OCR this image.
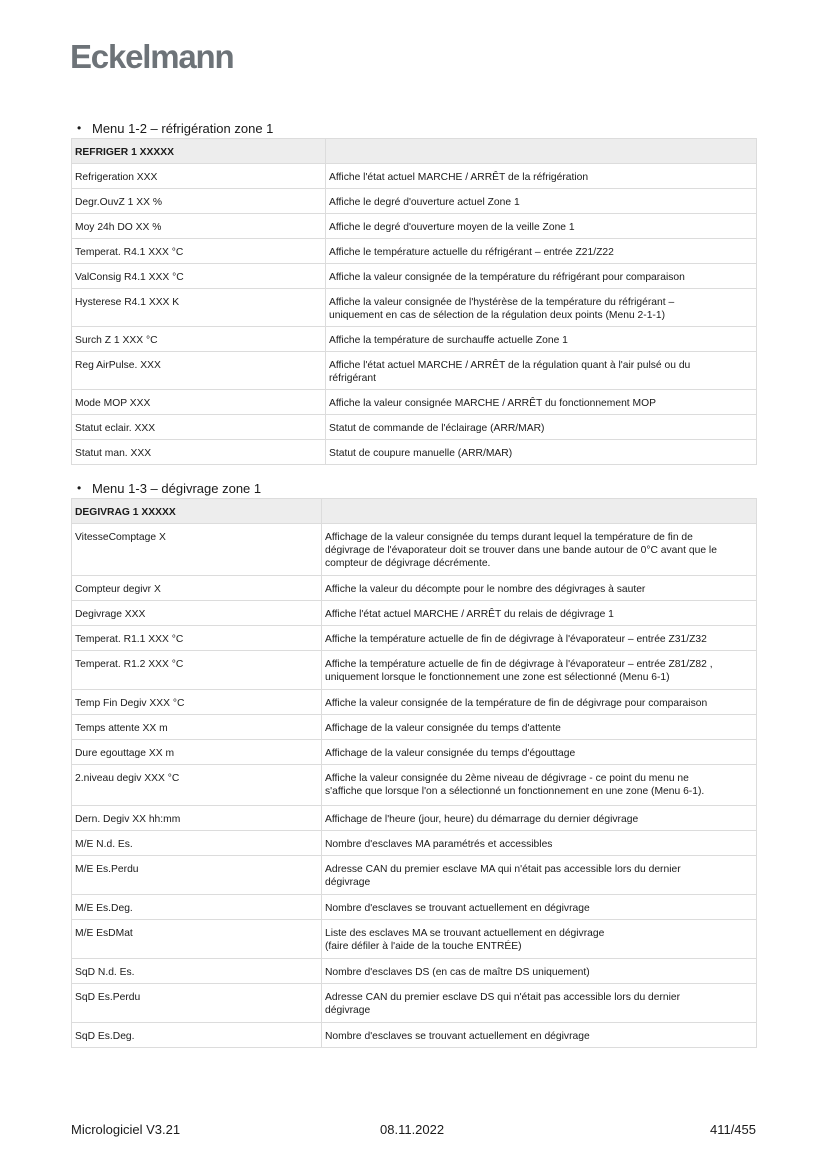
Eckelmann
• Menu 1-2 – réfrigération zone 1
REFRIGER 1 XXXXX	
Refrigeration XXX	Affiche l'état actuel MARCHE / ARRÊT de la réfrigération
Degr.OuvZ 1 XX %	Affiche le degré d'ouverture actuel Zone 1
Moy 24h DO XX %	Affiche le degré d'ouverture moyen de la veille Zone 1
Temperat. R4.1 XXX °C	Affiche le température actuelle du réfrigérant – entrée Z21/Z22
ValConsig R4.1 XXX °C	Affiche la valeur consignée de la température du réfrigérant pour comparaison
Hysterese R4.1 XXX K	Affiche la valeur consignée de l'hystérèse de la température du réfrigérant –
uniquement en cas de sélection de la régulation deux points (Menu 2-1-1)
Surch Z 1 XXX °C	Affiche la température de surchauffe actuelle Zone 1
Reg AirPulse. XXX	Affiche l'état actuel MARCHE / ARRÊT de la régulation quant à l'air pulsé ou du
réfrigérant
Mode MOP XXX	Affiche la valeur consignée MARCHE / ARRÊT du fonctionnement MOP
Statut eclair. XXX	Statut de commande de l'éclairage (ARR/MAR)
Statut man. XXX	Statut de coupure manuelle (ARR/MAR)
• Menu 1-3 – dégivrage zone 1
DEGIVRAG 1 XXXXX	
VitesseComptage X	Affichage de la valeur consignée du temps durant lequel la température de fin de
dégivrage de l'évaporateur doit se trouver dans une bande autour de 0°C avant que le
compteur de dégivrage décrémente.
Compteur degivr X	Affiche la valeur du décompte pour le nombre des dégivrages à sauter
Degivrage XXX	Affiche l'état actuel MARCHE / ARRÊT du relais de dégivrage 1
Temperat. R1.1 XXX °C	Affiche la température actuelle de fin de dégivrage à l'évaporateur – entrée Z31/Z32
Temperat. R1.2 XXX °C	Affiche la température actuelle de fin de dégivrage à l'évaporateur – entrée Z81/Z82 ,
uniquement lorsque le fonctionnement une zone est sélectionné (Menu 6-1)
Temp Fin Degiv XXX °C	Affiche la valeur consignée de la température de fin de dégivrage pour comparaison
Temps attente XX m	Affichage de la valeur consignée du temps d'attente
Dure egouttage XX m	Affichage de la valeur consignée du temps d'égouttage
2.niveau degiv XXX °C	Affiche la valeur consignée du 2ème niveau de dégivrage - ce point du menu ne
s'affiche que lorsque l'on a sélectionné un fonctionnement en une zone (Menu 6-1).
Dern. Degiv XX hh:mm	Affichage de l'heure (jour, heure) du démarrage du dernier dégivrage
M/E N.d. Es.	Nombre d'esclaves MA paramétrés et accessibles
M/E Es.Perdu	Adresse CAN du premier esclave MA qui n'était pas accessible lors du dernier
dégivrage
M/E Es.Deg.	Nombre d'esclaves se trouvant actuellement en dégivrage
M/E EsDMat	Liste des esclaves MA se trouvant actuellement en dégivrage
(faire défiler à l'aide de la touche ENTRÉE)
SqD N.d. Es.	Nombre d'esclaves DS (en cas de maître DS uniquement)
SqD Es.Perdu	Adresse CAN du premier esclave DS qui n'était pas accessible lors du dernier
dégivrage
SqD Es.Deg.	Nombre d'esclaves se trouvant actuellement en dégivrage
Micrologiciel V3.21	08.11.2022	411/455
